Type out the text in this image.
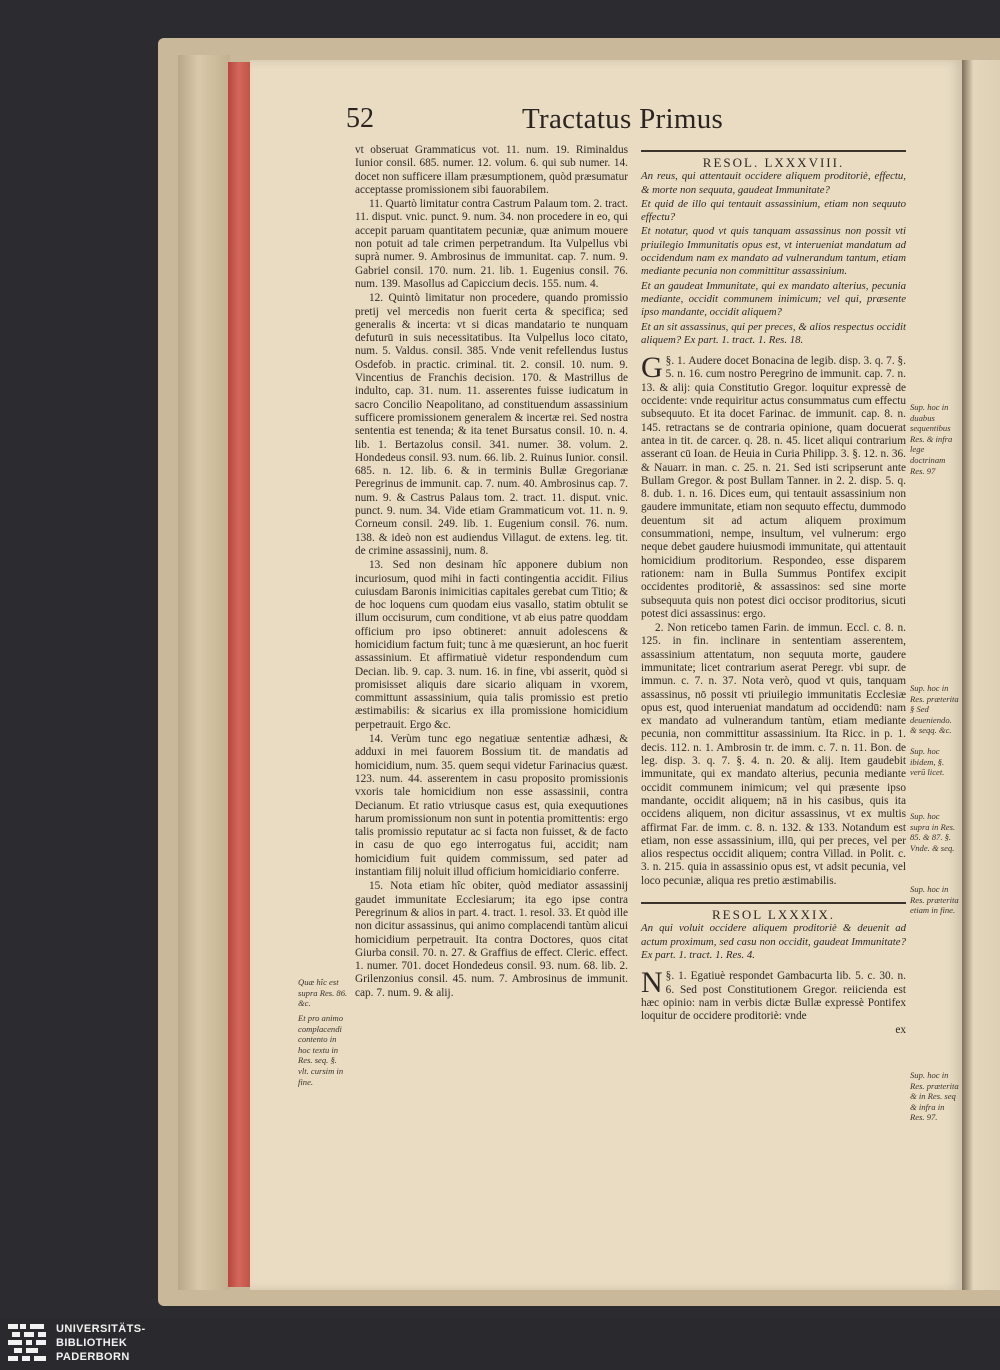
52	Tractatus Primus

vt obseruat Grammaticus vot. 11. num. 19. Riminaldus Iunior consil. 685. numer. 12. volum. 6. qui sub numer. 14. docet non sufficere illam præsumptionem, quòd præsumatur acceptasse promissionem sibi fauorabilem.

11. Quartò limitatur contra Castrum Palaum tom. 2. tract. 11. disput. vnic. punct. 9. num. 34. non procedere in eo, qui accepit paruam quantitatem pecuniæ, quæ animum mouere non potuit ad tale crimen perpetrandum. Ita Vulpellus vbi suprà numer. 9. Ambrosinus de immunitat. cap. 7. num. 9. Gabriel consil. 170. num. 21. lib. 1. Eugenius consil. 76. num. 139. Masollus ad Capiccium decis. 155. num. 4.

12. Quintò limitatur non procedere, quando promissio pretij vel mercedis non fuerit certa & specifica; sed generalis & incerta: vt si dicas mandatario te nunquam defuturū in suis necessitatibus. Ita Vulpellus loco citato, num. 5. Valdus. consil. 385. Vnde venit refellendus Iustus Osdefob. in practic. criminal. tit. 2. consil. 10. num. 9. Vincentius de Franchis decision. 170. & Mastrillus de indulto, cap. 31. num. 11. asserentes fuisse iudicatum in sacro Concilio Neapolitano, ad constituendum assassinium sufficere promissionem generalem & incertæ rei. Sed nostra sententia est tenenda; & ita tenet Bursatus consil. 10. n. 4. lib. 1. Bertazolus consil. 341. numer. 38. volum. 2. Hondedeus consil. 93. num. 66. lib. 2. Ruinus Iunior. consil. 685. n. 12. lib. 6. & in terminis Bullæ Gregorianæ Peregrinus de immunit. cap. 7. num. 40. Ambrosinus cap. 7. num. 9. & Castrus Palaus tom. 2. tract. 11. disput. vnic. punct. 9. num. 34. Vide etiam Grammaticum vot. 11. n. 9. Corneum consil. 249. lib. 1. Eugenium consil. 76. num. 138. & ideò non est audiendus Villagut. de extens. leg. tit. de crimine assassinij, num. 8.

13. Sed non desinam hîc apponere dubium non incuriosum, quod mihi in facti contingentia accidit. Filius cuiusdam Baronis inimicitias capitales gerebat cum Titio; & de hoc loquens cum quodam eius vasallo, statim obtulit se illum occisurum, cum conditione, vt ab eius patre quoddam officium pro ipso obtineret: annuit adolescens & homicidium factum fuit; tunc à me quæsierunt, an hoc fuerit assassinium. Et affirmatiuè videtur respondendum cum Decian. lib. 9. cap. 3. num. 16. in fine, vbi asserit, quòd si promisisset aliquis dare sicario aliquam in vxorem, committunt assassinium, quia talis promissio est pretio æstimabilis: & sicarius ex illa promissione homicidium perpetrauit. Ergo &c.

14. Verùm tunc ego negatiuæ sententiæ adhæsi, & adduxi in mei fauorem Bossium tit. de mandatis ad homicidium, num. 35. quem sequi videtur Farinacius quæst. 123. num. 44. asserentem in casu proposito promissionis vxoris tale homicidium non esse assassinii, contra Decianum. Et ratio vtriusque casus est, quia exequutiones harum promissionum non sunt in potentia promittentis: ergo talis promissio reputatur ac si facta non fuisset, & de facto in casu de quo ego interrogatus fui, accidit; nam homicidium fuit quidem commissum, sed pater ad instantiam filij noluit illud officium homicidiario conferre.

15. Nota etiam hîc obiter, quòd mediator assassinij gaudet immunitate Ecclesiarum; ita ego ipse contra Peregrinum & alios in part. 4. tract. 1. resol. 33. Et quòd ille non dicitur assassinus, qui animo complacendi tantùm alicui homicidium perpetrauit. Ita contra Doctores, quos citat Giurba consil. 70. n. 27. & Graffius de effect. Cleric. effect. 1. numer. 701. docet Hondedeus consil. 93. num. 68. lib. 2. Grilenzonius consil. 45. num. 7. Ambrosinus de immunit. cap. 7. num. 9. & alij.

Quæ hîc est supra Res. 86. &c.
Et pro animo complacendi contento in hoc textu in Res. seq. §. vlt. cursim in fine.

RESOL. LXXXVIII.

An reus, qui attentauit occidere aliquem proditoriè, effectu, & morte non sequuta, gaudeat Immunitate?

Et quid de illo qui tentauit assassinium, etiam non sequuto effectu?

Et notatur, quod vt quis tanquam assassinus non possit vti priuilegio Immunitatis opus est, vt interueniat mandatum ad occidendum nam ex mandato ad vulnerandum tantum, etiam mediante pecunia non committitur assassinium.

Et an gaudeat Immunitate, qui ex mandato alterius, pecunia mediante, occidit communem inimicum; vel qui, præsente ipso mandante, occidit aliquem?

Et an sit assassinus, qui per preces, & alios respectus occidit aliquem? Ex part. 1. tract. 1. Res. 18.

§. 1.
G Audere docet Bonacina de legib. disp. 3. q. 7. §. 5. n. 16. cum nostro Peregrino de immunit. cap. 7. n. 13. & alij: quia Constitutio Gregor. loquitur expressè de occidente: vnde requiritur actus consummatus cum effectu subsequuto. Et ita docet Farinac. de immunit. cap. 8. n. 145. retractans se de contraria opinione, quam docuerat antea in tit. de carcer. q. 28. n. 45. licet aliqui contrarium asserant cū Ioan. de Heuia in Curia Philipp. 3. §. 12. n. 36. & Nauarr. in man. c. 25. n. 21. Sed isti scripserunt ante Bullam Gregor. & post Bullam Tanner. in 2. 2. disp. 5. q. 8. dub. 1. n. 16. Dices eum, qui tentauit assassinium non gaudere immunitate, etiam non sequuto effectu, dummodo deuentum sit ad actum aliquem proximum consummationi, nempe, insultum, vel vulnerum: ergo neque debet gaudere huiusmodi immunitate, qui attentauit homicidium proditorium. Respondeo, esse disparem rationem: nam in Bulla Summus Pontifex excipit occidentes proditoriè, & assassinos: sed sine morte subsequuta quis non potest dici occisor proditorius, sicuti potest dici assassinus: ergo.

2. Non reticebo tamen Farin. de immun. Eccl. c. 8. n. 125. in fin. inclinare in sententiam asserentem, assassinium attentatum, non sequuta morte, gaudere immunitate; licet contrarium aserat Peregr. vbi supr. de immun. c. 7. n. 37. Nota verò, quod vt quis, tanquam assassinus, nō possit vti priuilegio immunitatis Ecclesiæ opus est, quod interueniat mandatum ad occidendū: nam ex mandato ad vulnerandum tantùm, etiam mediante pecunia, non committitur assassinium. Ita Ricc. in p. 1. decis. 112. n. 1. Ambrosin tr. de imm. c. 7. n. 11. Bon. de leg. disp. 3. q. 7. §. 4. n. 20. & alij. Item gaudebit immunitate, qui ex mandato alterius, pecunia mediante occidit communem inimicum; vel qui præsente ipso mandante, occidit aliquem; nā in his casibus, quis ita occidens aliquem, non dicitur assassinus, vt ex multis affirmat Far. de imm. c. 8. n. 132. & 133. Notandum est etiam, non esse assassinium, illū, qui per preces, vel per alios respectus occidit aliquem; contra Villad. in Polit. c. 3. n. 215. quia in assassinio opus est, vt adsit pecunia, vel loco pecuniæ, aliqua res pretio æstimabilis.

RESOL LXXXIX.

An qui voluit occidere aliquem proditoriè & deuenit ad actum proximum, sed casu non occidit, gaudeat Immunitate? Ex part. 1. tract. 1. Res. 4.

§. 1.
N Egatiuè respondet Gambacurta lib. 5. c. 30. n. 6. Sed post Constitutionem Gregor. reiicienda est hæc opinio: nam in verbis dictæ Bullæ expressè Pontifex loquitur de occidere proditoriè: vnde

ex

Sup. hoc in duabus sequentibus Res. & infra lege doctrinam Res. 97
Sup. hoc in Res. præterita § Sed deueniendo. & seqq. &c.
Sup. hoc ibidem, §. verū licet.
Sup. hoc supra in Res. 85. & 87. §. Vnde. & seq.
Sup. hoc in Res. præterita etiam in fine.
Sup. hoc in Res. præterita & in Res. seq & infra in Res. 97.
UNIVERSITÄTS-
BIBLIOTHEK
PADERBORN
